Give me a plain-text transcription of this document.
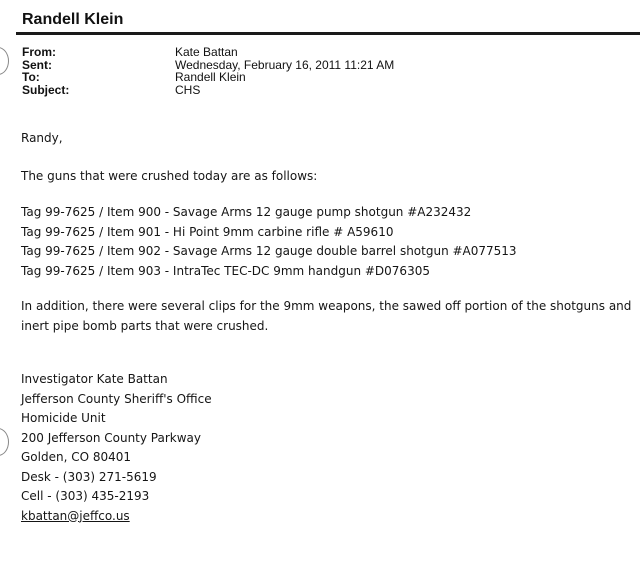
Randell Klein
From:	Kate Battan
Sent:	Wednesday, February 16, 2011 11:21 AM
To:	Randell Klein
Subject:	CHS
Randy,
The guns that were crushed today are as follows:
Tag 99-7625 / Item 900 - Savage Arms 12 gauge pump shotgun #A232432
Tag 99-7625 / Item 901 - Hi Point 9mm carbine rifle # A59610
Tag 99-7625 / Item 902 - Savage Arms 12 gauge double barrel shotgun #A077513
Tag 99-7625 / Item 903 - IntraTec TEC-DC 9mm handgun #D076305
In addition, there were several clips for the 9mm weapons, the sawed off portion of the shotguns and
inert pipe bomb parts that were crushed.
Investigator Kate Battan
Jefferson County Sheriff's Office
Homicide Unit
200 Jefferson County Parkway
Golden, CO 80401
Desk - (303) 271-5619
Cell - (303) 435-2193
kbattan@jeffco.us
